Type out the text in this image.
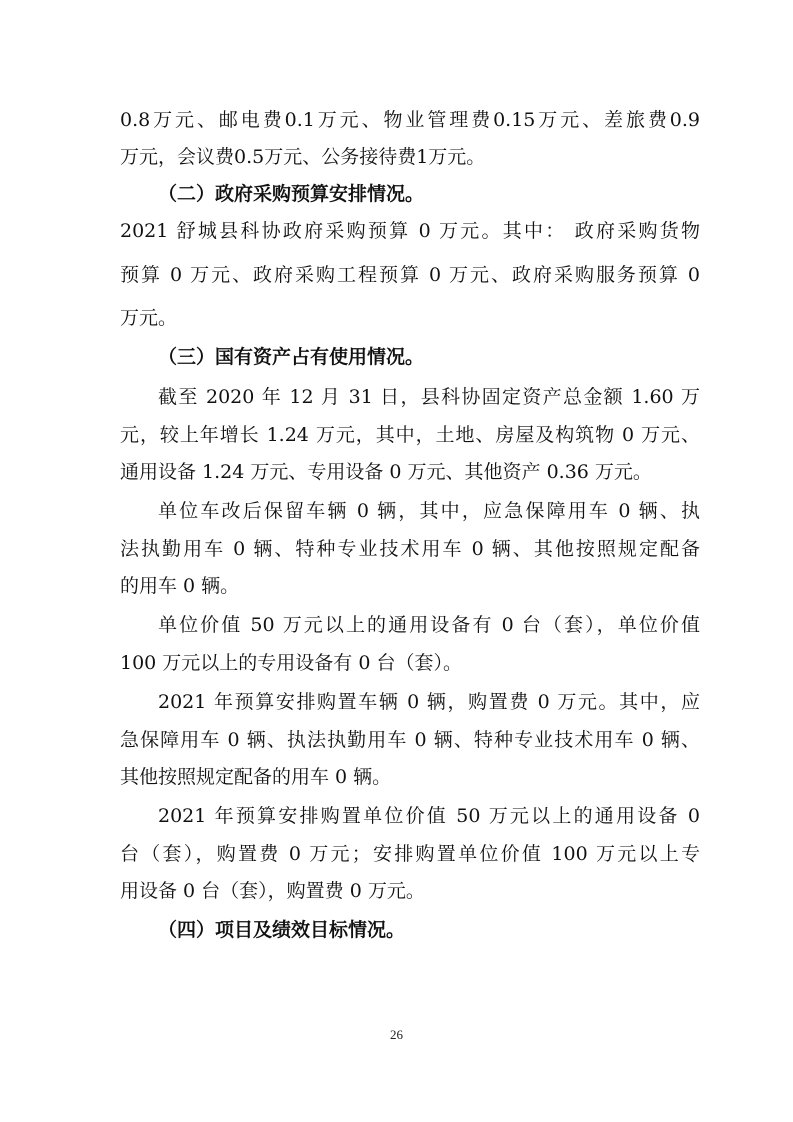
0.8万元、邮电费0.1万元、物业管理费0.15万元、差旅费0.9
万元，会议费0.5万元、公务接待费1万元。
（二）政府采购预算安排情况。
2021 舒城县科协政府采购预算 0 万元。其中： 政府采购货物
预算 0 万元、政府采购工程预算 0 万元、政府采购服务预算 0
万元。
（三）国有资产占有使用情况。
截至 2020 年 12 月 31 日，县科协固定资产总金额 1.60 万
元，较上年增长 1.24 万元，其中，土地、房屋及构筑物 0 万元、
通用设备 1.24 万元、专用设备 0 万元、其他资产 0.36 万元。
单位车改后保留车辆 0 辆，其中，应急保障用车 0 辆、执
法执勤用车 0 辆、特种专业技术用车 0 辆、其他按照规定配备
的用车 0 辆。
单位价值 50 万元以上的通用设备有 0 台（套），单位价值
100 万元以上的专用设备有 0 台（套）。
2021 年预算安排购置车辆 0 辆，购置费 0 万元。其中，应
急保障用车 0 辆、执法执勤用车 0 辆、特种专业技术用车 0 辆、
其他按照规定配备的用车 0 辆。
2021 年预算安排购置单位价值 50 万元以上的通用设备 0
台（套），购置费 0 万元；安排购置单位价值 100 万元以上专
用设备 0 台（套），购置费 0 万元。
（四）项目及绩效目标情况。
26
